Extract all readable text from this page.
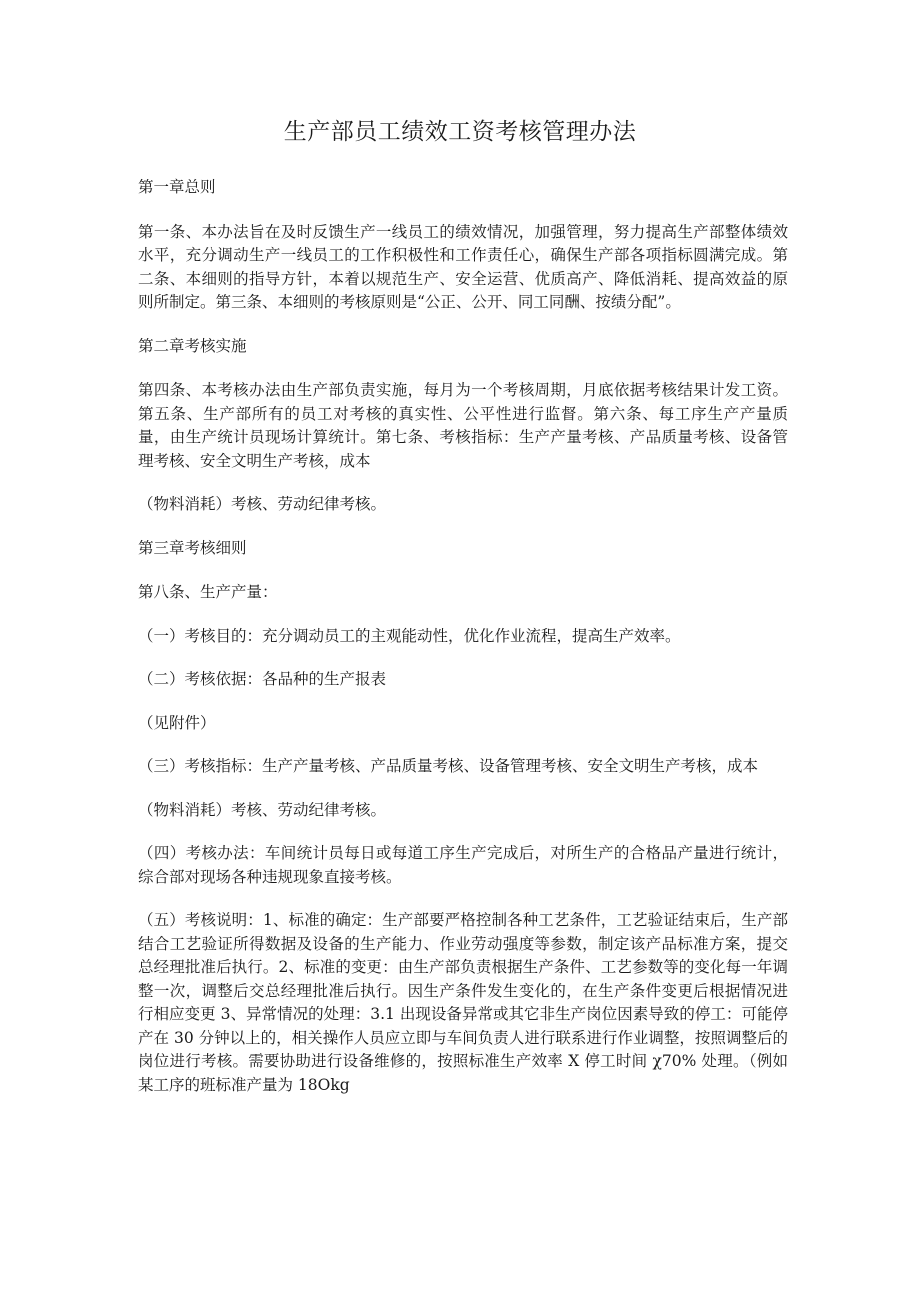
生产部员工绩效工资考核管理办法

第一章总则

第一条、本办法旨在及时反馈生产一线员工的绩效情况，加强管理，努力提高生产部整体绩效水平，充分调动生产一线员工的工作积极性和工作责任心，确保生产部各项指标圆满完成。第二条、本细则的指导方针，本着以规范生产、安全运营、优质高产、降低消耗、提高效益的原则所制定。第三条、本细则的考核原则是“公正、公开、同工同酬、按绩分配”。

第二章考核实施

第四条、本考核办法由生产部负责实施，每月为一个考核周期，月底依据考核结果计发工资。第五条、生产部所有的员工对考核的真实性、公平性进行监督。第六条、每工序生产产量质量，由生产统计员现场计算统计。第七条、考核指标：生产产量考核、产品质量考核、设备管理考核、安全文明生产考核，成本

（物料消耗）考核、劳动纪律考核。

第三章考核细则

第八条、生产产量：

（一）考核目的：充分调动员工的主观能动性，优化作业流程，提高生产效率。

（二）考核依据：各品种的生产报表

（见附件）

（三）考核指标：生产产量考核、产品质量考核、设备管理考核、安全文明生产考核，成本

（物料消耗）考核、劳动纪律考核。

（四）考核办法：车间统计员每日或每道工序生产完成后，对所生产的合格品产量进行统计，综合部对现场各种违规现象直接考核。

（五）考核说明：1、标准的确定：生产部要严格控制各种工艺条件，工艺验证结束后，生产部结合工艺验证所得数据及设备的生产能力、作业劳动强度等参数，制定该产品标准方案，提交总经理批准后执行。2、标准的变更：由生产部负责根据生产条件、工艺参数等的变化每一年调整一次，调整后交总经理批准后执行。因生产条件发生变化的，在生产条件变更后根据情况进行相应变更 3、异常情况的处理：3.1 出现设备异常或其它非生产岗位因素导致的停工：可能停产在 30 分钟以上的，相关操作人员应立即与车间负责人进行联系进行作业调整，按照调整后的岗位进行考核。需要协助进行设备维修的，按照标准生产效率 X 停工时间 χ70% 处理。（例如某工序的班标准产量为 18Okg
